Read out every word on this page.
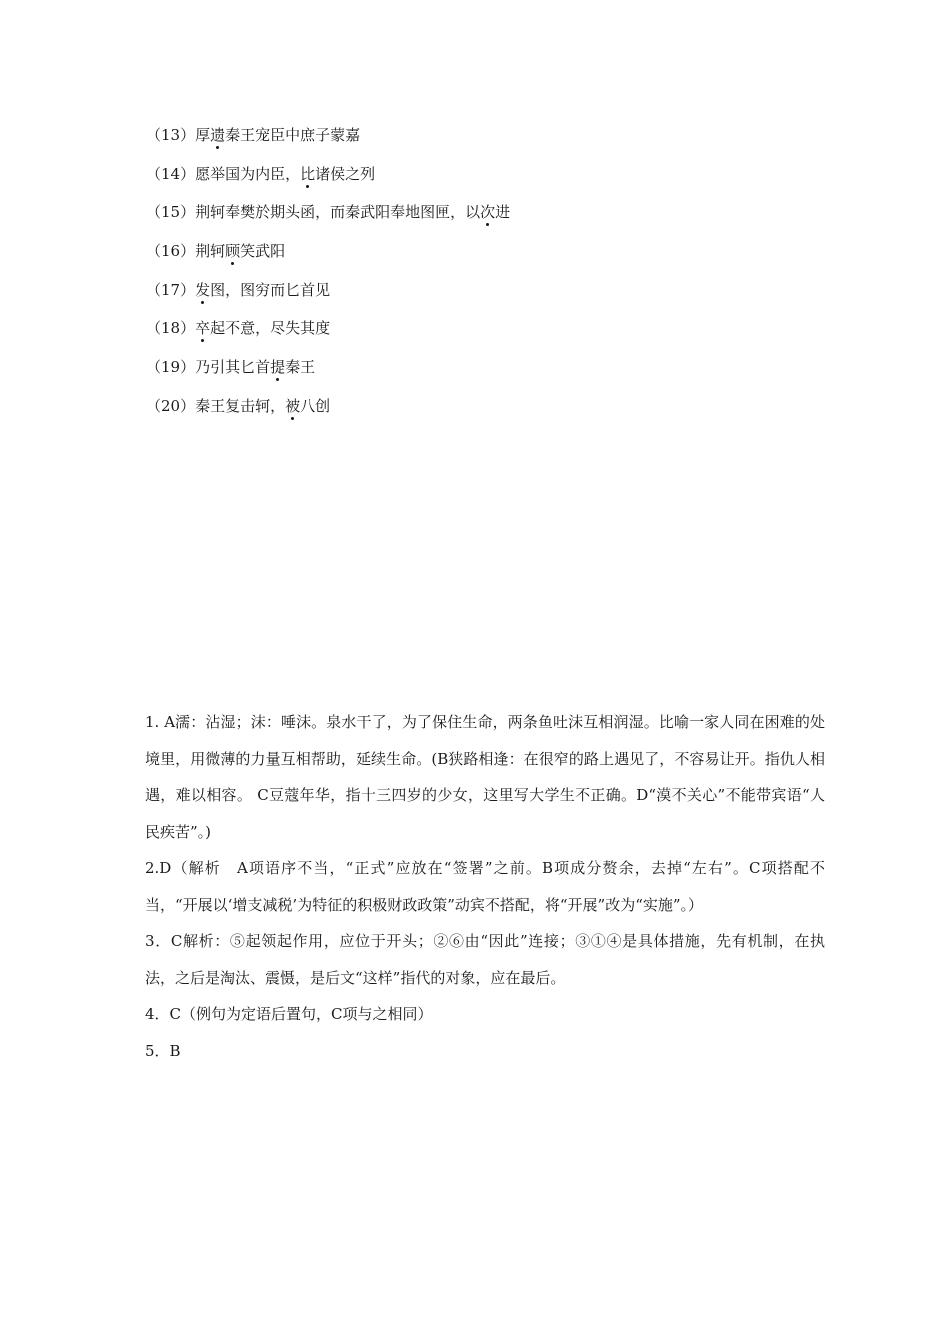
（13）厚遗秦王宠臣中庶子蒙嘉
（14）愿举国为内臣，比诸侯之列
（15）荆轲奉樊於期头函，而秦武阳奉地图匣，以次进
（16）荆轲顾笑武阳
（17）发图，图穷而匕首见
（18）卒起不意，尽失其度
（19）乃引其匕首提秦王
（20）秦王复击轲，被八创

1. A濡：沾湿；沫：唾沫。泉水干了，为了保住生命，两条鱼吐沫互相润湿。比喻一家人同在困难的处境里，用微薄的力量互相帮助，延续生命。(B狭路相逢：在很窄的路上遇见了，不容易让开。指仇人相遇，难以相容。 C豆蔻年华，指十三四岁的少女，这里写大学生不正确。D“漠不关心”不能带宾语“人民疾苦”。)

2.D（解析　A项语序不当，“正式”应放在“签署”之前。B项成分赘余，去掉“左右”。C项搭配不当，“开展以‘增支减税’为特征的积极财政政策”动宾不搭配，将“开展”改为“实施”。）

3．C解析：⑤起领起作用，应位于开头；②⑥由“因此”连接；③①④是具体措施，先有机制，在执法，之后是淘汰、震慑，是后文“这样”指代的对象，应在最后。

4．C（例句为定语后置句，C项与之相同）

5．B
